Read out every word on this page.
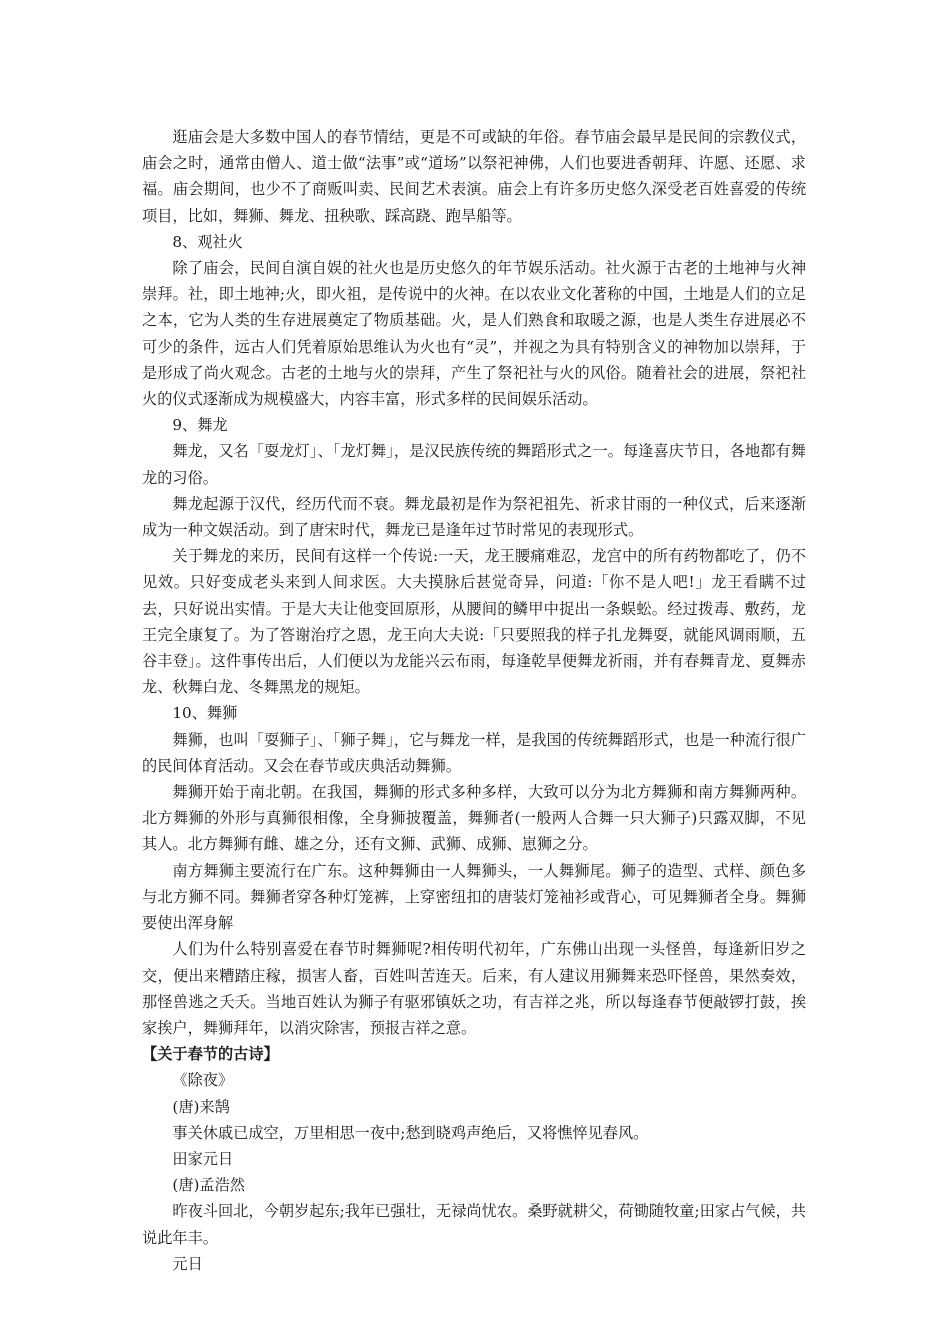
逛庙会是大多数中国人的春节情结，更是不可或缺的年俗。春节庙会最早是民间的宗教仪式，庙会之时，通常由僧人、道士做“法事”或“道场”以祭祀神佛，人们也要进香朝拜、许愿、还愿、求福。庙会期间，也少不了商贩叫卖、民间艺术表演。庙会上有许多历史悠久深受老百姓喜爱的传统项目，比如，舞狮、舞龙、扭秧歌、踩高跷、跑旱船等。

8、观社火

除了庙会，民间自演自娱的社火也是历史悠久的年节娱乐活动。社火源于古老的土地神与火神崇拜。社，即土地神;火，即火祖，是传说中的火神。在以农业文化著称的中国，土地是人们的立足之本，它为人类的生存进展奠定了物质基础。火，是人们熟食和取暖之源，也是人类生存进展必不可少的条件，远古人们凭着原始思维认为火也有“灵”，并视之为具有特别含义的神物加以崇拜，于是形成了尚火观念。古老的土地与火的崇拜，产生了祭祀社与火的风俗。随着社会的进展，祭祀社火的仪式逐渐成为规模盛大，内容丰富，形式多样的民间娱乐活动。

9、舞龙

舞龙，又名「耍龙灯」、「龙灯舞」，是汉民族传统的舞蹈形式之一。每逢喜庆节日，各地都有舞龙的习俗。

舞龙起源于汉代，经历代而不衰。舞龙最初是作为祭祀祖先、祈求甘雨的一种仪式，后来逐渐成为一种文娱活动。到了唐宋时代，舞龙已是逢年过节时常见的表现形式。

关于舞龙的来历，民间有这样一个传说:一天，龙王腰痛难忍，龙宫中的所有药物都吃了，仍不见效。只好变成老头来到人间求医。大夫摸脉后甚觉奇异，问道:「你不是人吧!」龙王看瞒不过去，只好说出实情。于是大夫让他变回原形，从腰间的鳞甲中捉出一条蜈蚣。经过拨毒、敷药，龙王完全康复了。为了答谢治疗之恩，龙王向大夫说:「只要照我的样子扎龙舞耍，就能风调雨顺，五谷丰登」。这件事传出后，人们便以为龙能兴云布雨，每逢乾旱便舞龙祈雨，并有春舞青龙、夏舞赤龙、秋舞白龙、冬舞黑龙的规矩。

10、舞狮

舞狮，也叫「耍狮子」、「狮子舞」，它与舞龙一样，是我国的传统舞蹈形式，也是一种流行很广的民间体育活动。又会在春节或庆典活动舞狮。

舞狮开始于南北朝。在我国，舞狮的形式多种多样，大致可以分为北方舞狮和南方舞狮两种。北方舞狮的外形与真狮很相像，全身狮披覆盖，舞狮者(一般两人合舞一只大狮子)只露双脚，不见其人。北方舞狮有雌、雄之分，还有文狮、武狮、成狮、崽狮之分。

南方舞狮主要流行在广东。这种舞狮由一人舞狮头，一人舞狮尾。狮子的造型、式样、颜色多与北方狮不同。舞狮者穿各种灯笼裤，上穿密纽扣的唐装灯笼袖衫或背心，可见舞狮者全身。舞狮要使出浑身解

人们为什么特别喜爱在春节时舞狮呢?相传明代初年，广东佛山出现一头怪兽，每逢新旧岁之交，便出来糟踏庄稼，损害人畜，百姓叫苦连天。后来，有人建议用狮舞来恐吓怪兽，果然奏效，那怪兽逃之夭夭。当地百姓认为狮子有驱邪镇妖之功，有吉祥之兆，所以每逢春节便敲锣打鼓，挨家挨户，舞狮拜年，以消灾除害，预报吉祥之意。

【关于春节的古诗】

《除夜》

(唐)来鹄

事关休戚已成空，万里相思一夜中;愁到晓鸡声绝后，又将憔悴见春风。

田家元日

(唐)孟浩然

昨夜斗回北，今朝岁起东;我年已强壮，无禄尚忧农。桑野就耕父，荷锄随牧童;田家占气候，共说此年丰。

元日
